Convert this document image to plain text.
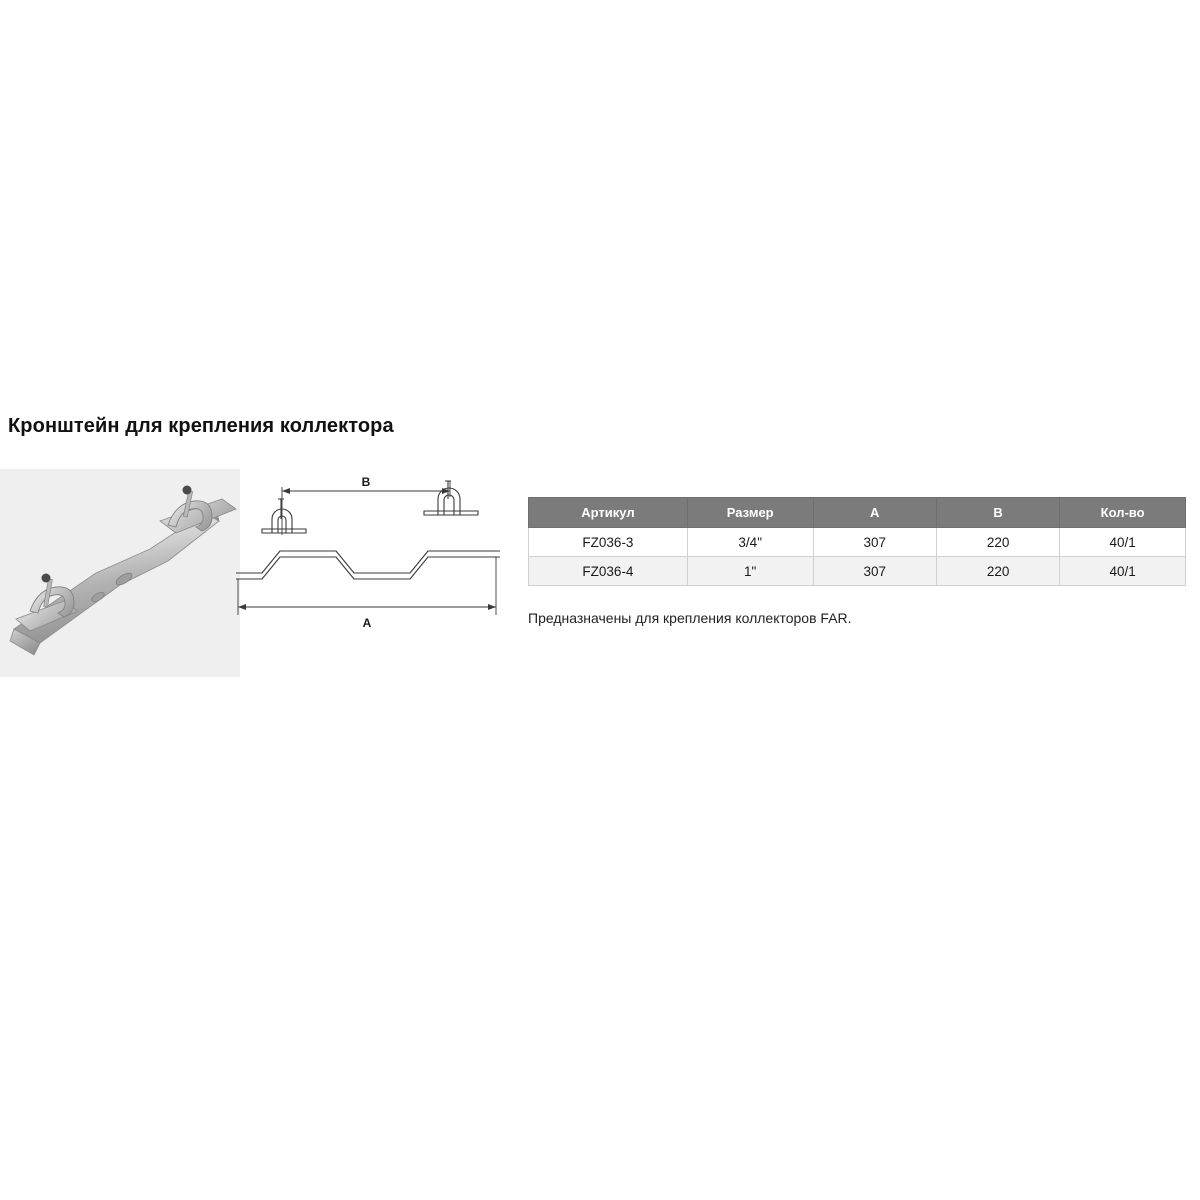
Кронштейн для крепления коллектора
B
A
Артикул	Размер	A	B	Кол-во
FZ036-3	3/4"	307	220	40/1
FZ036-4	1"	307	220	40/1
Предназначены для крепления коллекторов FAR.
